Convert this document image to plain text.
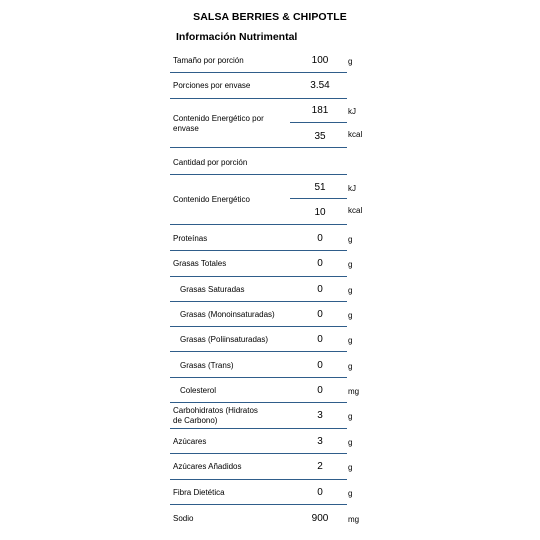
SALSA BERRIES & CHIPOTLE
Información Nutrimental
Tamaño por porción	100	g
Porciones por envase	3.54
Contenido Energético por envase
181	kJ
35	kcal
Cantidad por porción
Contenido Energético
51	kJ
10	kcal
Proteínas	0	g
Grasas Totales	0	g
Grasas Saturadas	0	g
Grasas (Monoinsaturadas)	0	g
Grasas (Poliinsaturadas)	0	g
Grasas (Trans)	0	g
Colesterol	0	mg
Carbohidratos (Hidratos de Carbono)	3	g
Azúcares	3	g
Azúcares Añadidos	2	g
Fibra Dietética	0	g
Sodio	900	mg
